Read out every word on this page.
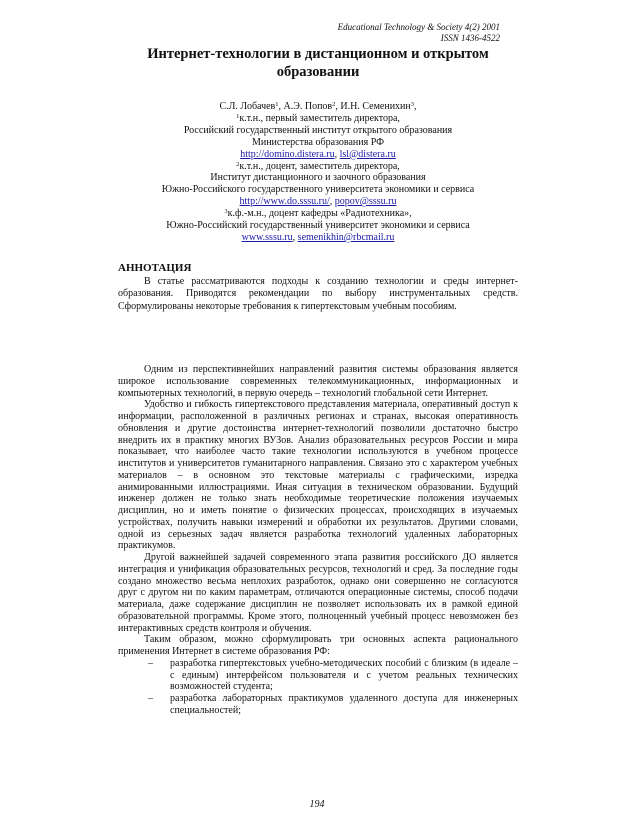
Educational Technology & Society 4(2) 2001
ISSN 1436-4522
Интернет-технологии в дистанционном и открытом образовании
С.Л. Лобачев$^1$, А.Э. Попов$^2$, И.Н. Семенихин$^3$,
$^1$к.т.н., первый заместитель директора,
Российский государственный институт открытого образования
Министерства образования РФ
http://domino.distera.ru, lsl@distera.ru
$^2$к.т.н., доцент, заместитель директора,
Институт дистанционного и заочного образования
Южно-Российского государственного университета экономики и сервиса
http://www.do.sssu.ru/, popov@sssu.ru
$^3$к.ф.-м.н., доцент кафедры «Радиотехника»,
Южно-Российский государственный университет экономики и сервиса
www.sssu.ru, semenikhin@rbcmail.ru
АННОТАЦИЯ

В статье рассматриваются подходы к созданию технологии и среды интернет-образования. Приводятся рекомендации по выбору инструментальных средств. Сформулированы некоторые требования к гипертекстовым учебным пособиям.

Одним из перспективнейших направлений развития системы образования является широкое использование современных телекоммуникационных, информационных и компьютерных технологий, в первую очередь – технологий глобальной сети Интернет.

Удобство и гибкость гипертекстового представления материала, оперативный доступ к информации, расположенной в различных регионах и странах, высокая оперативность обновления и другие достоинства интернет-технологий позволили достаточно быстро внедрить их в практику многих ВУЗов. Анализ образовательных ресурсов России и мира показывает, что наиболее часто такие технологии используются в учебном процессе институтов и университетов гуманитарного направления. Связано это с характером учебных материалов – в основном это текстовые материалы с графическими, изредка анимированными иллюстрациями. Иная ситуация в техническом образовании. Будущий инженер должен не только знать необходимые теоретические положения изучаемых дисциплин, но и иметь понятие о физических процессах, происходящих в изучаемых устройствах, получить навыки измерений и обработки их результатов. Другими словами, одной из серьезных задач является разработка технологий удаленных лабораторных практикумов.

Другой важнейшей задачей современного этапа развития российского ДО является интеграция и унификация образовательных ресурсов, технологий и сред. За последние годы создано множество весьма неплохих разработок, однако они совершенно не согласуются друг с другом ни по каким параметрам, отличаются операционные системы, способ подачи материала, даже содержание дисциплин не позволяет использовать их в рамкой единой образовательной программы. Кроме этого, полноценный учебный процесс невозможен без интерактивных средств контроля и обучения.

Таким образом, можно сформулировать три основных аспекта рационального применения Интернет в системе образования РФ:

– разработка гипертекстовых учебно-методических пособий с близким (в идеале – с единым) интерфейсом пользователя и с учетом реальных технических возможностей студента;
– разработка лабораторных практикумов удаленного доступа для инженерных специальностей;
194
